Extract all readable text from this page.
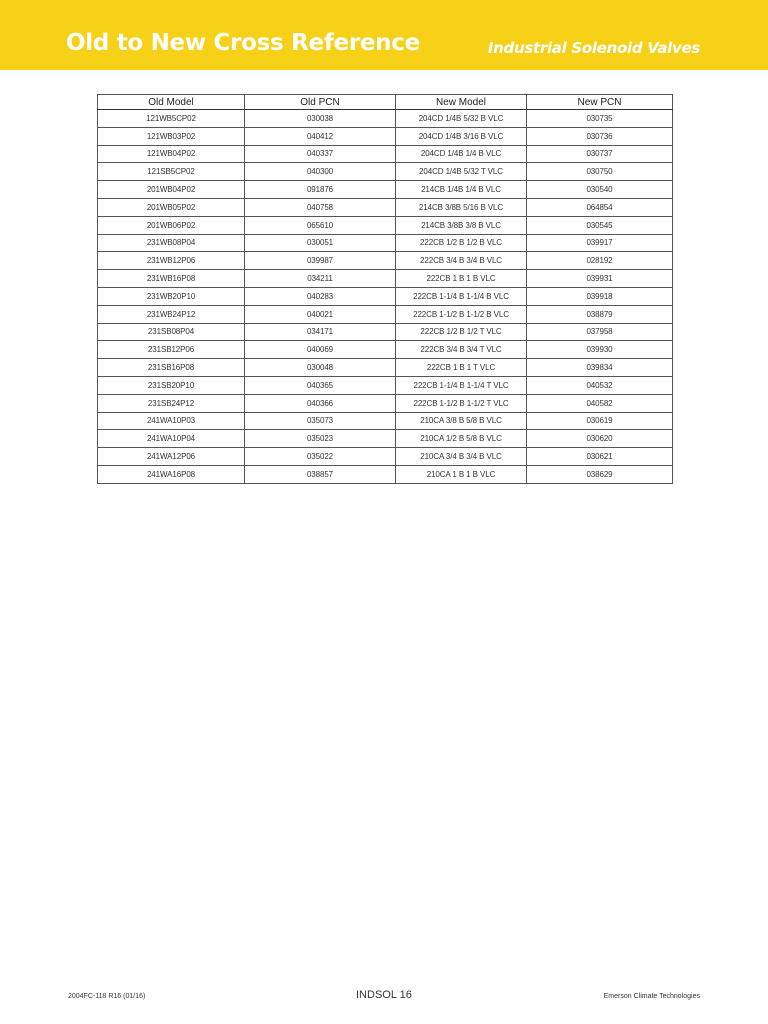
Old to New Cross Reference	Industrial Solenoid Valves
Old Model	Old PCN	New Model	New PCN
121WB5CP02	030038	204CD 1/4B 5/32 B VLC	030735
121WB03P02	040412	204CD 1/4B 3/16 B VLC	030736
121WB04P02	040337	204CD 1/4B 1/4 B VLC	030737
121SB5CP02	040300	204CD 1/4B 5/32 T VLC	030750
201WB04P02	091876	214CB 1/4B 1/4 B VLC	030540
201WB05P02	040758	214CB 3/8B 5/16 B VLC	064854
201WB06P02	065610	214CB 3/8B 3/8 B VLC	030545
231WB08P04	030051	222CB 1/2 B 1/2 B VLC	039917
231WB12P06	039987	222CB 3/4 B 3/4 B VLC	028192
231WB16P08	034211	222CB 1 B 1 B VLC	039931
231WB20P10	040283	222CB 1-1/4 B 1-1/4 B VLC	039918
231WB24P12	040021	222CB 1-1/2 B 1-1/2 B VLC	038879
231SB08P04	034171	222CB 1/2 B 1/2 T VLC	037958
231SB12P06	040069	222CB 3/4 B 3/4 T VLC	039930
231SB16P08	030048	222CB 1 B 1 T VLC	039834
231SB20P10	040365	222CB 1-1/4 B 1-1/4 T VLC	040532
231SB24P12	040366	222CB 1-1/2 B 1-1/2 T VLC	040582
241WA10P03	035073	210CA 3/8 B 5/8 B VLC	030619
241WA10P04	035023	210CA 1/2 B 5/8 B VLC	030620
241WA12P06	035022	210CA 3/4 B 3/4 B VLC	030621
241WA16P08	038857	210CA 1 B 1 B VLC	038629
2004FC-118 R16 (01/16)	INDSOL 16	Emerson Climate Technologies
